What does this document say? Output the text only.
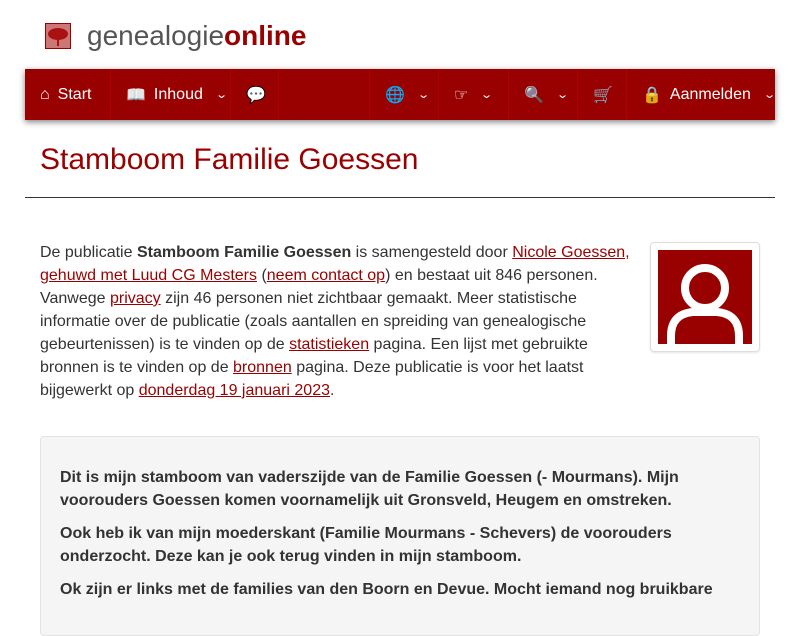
genealogieonline
⌂ Start 📖 Inhoud ⌄ 💬	🌐 ⌄ ☞ ⌄ 🔍 ⌄ 🛒 🔒 Aanmelden ⌄
Stamboom Familie Goessen
De publicatie Stamboom Familie Goessen is samengesteld door Nicole Goessen, gehuwd met Luud CG Mesters (neem contact op) en bestaat uit 846 personen. Vanwege privacy zijn 46 personen niet zichtbaar gemaakt. Meer statistische informatie over de publicatie (zoals aantallen en spreiding van genealogische gebeurtenissen) is te vinden op de statistieken pagina. Een lijst met gebruikte bronnen is te vinden op de bronnen pagina. Deze publicatie is voor het laatst bijgewerkt op donderdag 19 januari 2023.

Dit is mijn stamboom van vaderszijde van de Familie Goessen (- Mourmans). Mijn voorouders Goessen komen voornamelijk uit Gronsveld, Heugem en omstreken.

Ook heb ik van mijn moederskant (Familie Mourmans - Schevers) de voorouders onderzocht. Deze kan je ook terug vinden in mijn stamboom.

Ok zijn er links met de families van den Boorn en Devue. Mocht iemand nog bruikbare
